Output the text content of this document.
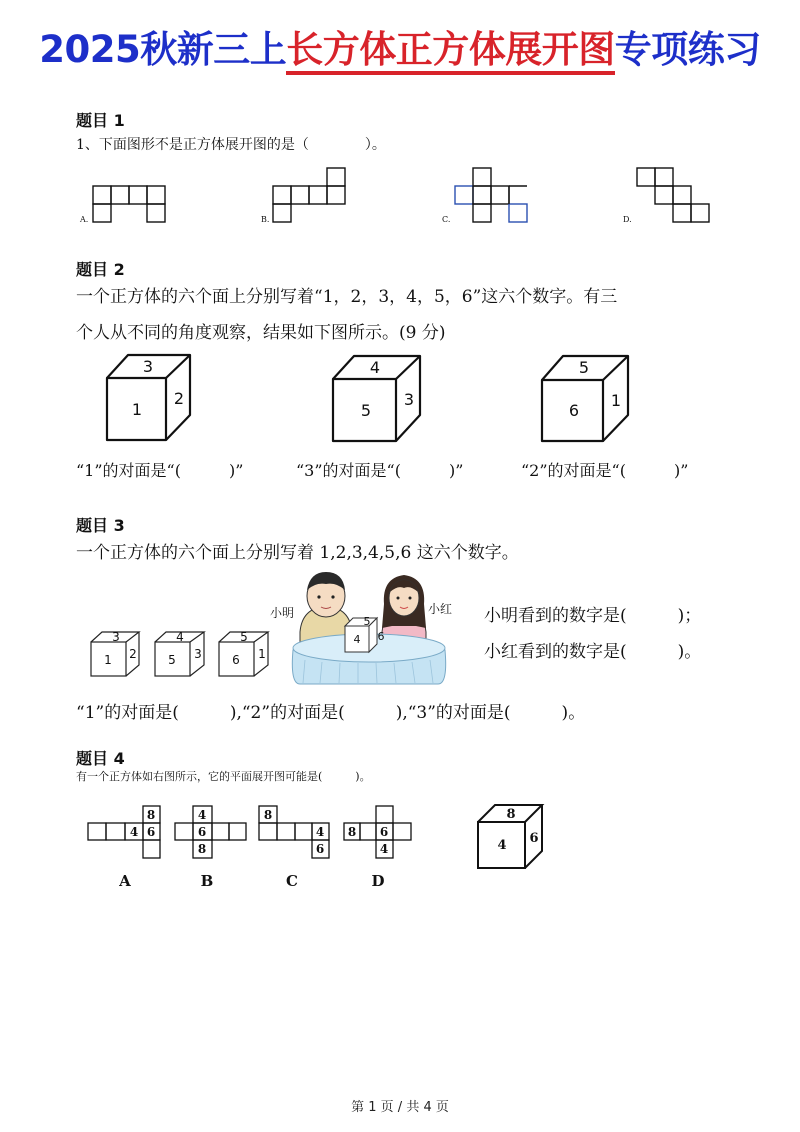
2025秋新三上长方体正方体展开图专项练习
题目 1
1、下面图形不是正方体展开图的是（　　　　）。
A.	B.	C.	D.
3
1
2
4
5
3
5
6
1
3
1 2
4
5 3
5
6 1
5
4 6
8
4 6
4
6
8
8
4
6
8 6
4
A	B	C	D
8
4 6
题目 2
一个正方体的六个面上分别写着“1，2，3，4，5，6”这六个数字。有三
个人从不同的角度观察，结果如下图所示。(9 分)
“1”的对面是“(　　　)”	“3”的对面是“(　　　)”	“2”的对面是“(　　　)”
题目 3
一个正方体的六个面上分别写着 1,2,3,4,5,6 这六个数字。
小明	小红 小明看到的数字是(　　　)；
小红看到的数字是(　　　)。
“1”的对面是(　　　),“2”的对面是(　　　),“3”的对面是(　　　)。
题目 4
有一个正方体如右图所示，它的平面展开图可能是(　　　)。
第 1 页 / 共 4 页
